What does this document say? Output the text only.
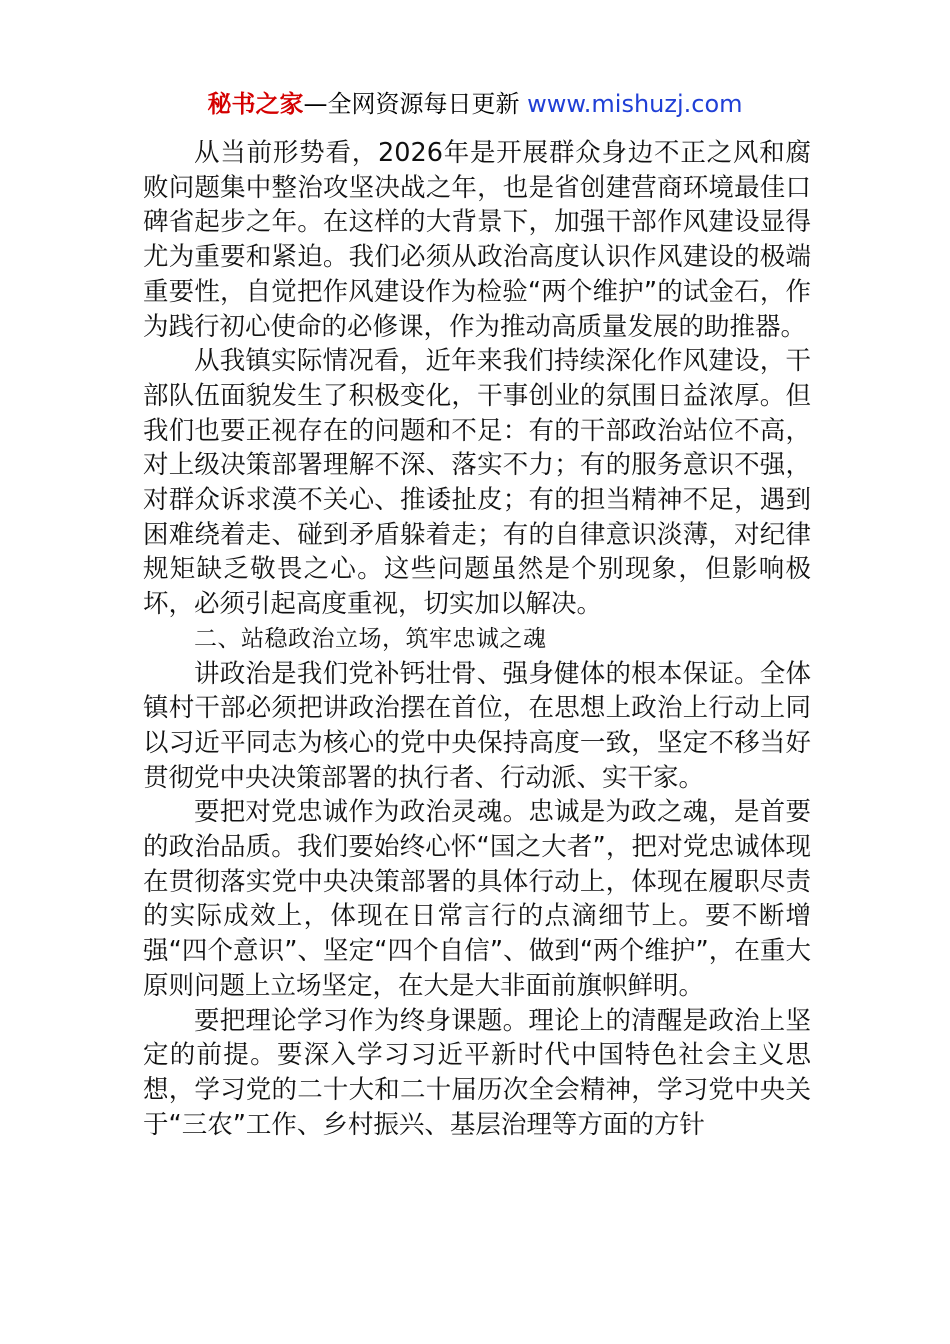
秘书之家—全网资源每日更新 www.mishuzj.com

从当前形势看，2026年是开展群众身边不正之风和腐败问题集中整治攻坚决战之年，也是省创建营商环境最佳口碑省起步之年。在这样的大背景下，加强干部作风建设显得尤为重要和紧迫。我们必须从政治高度认识作风建设的极端重要性，自觉把作风建设作为检验“两个维护”的试金石，作为践行初心使命的必修课，作为推动高质量发展的助推器。

从我镇实际情况看，近年来我们持续深化作风建设，干部队伍面貌发生了积极变化，干事创业的氛围日益浓厚。但我们也要正视存在的问题和不足：有的干部政治站位不高，对上级决策部署理解不深、落实不力；有的服务意识不强，对群众诉求漠不关心、推诿扯皮；有的担当精神不足，遇到困难绕着走、碰到矛盾躲着走；有的自律意识淡薄，对纪律规矩缺乏敬畏之心。这些问题虽然是个别现象，但影响极坏，必须引起高度重视，切实加以解决。

二、站稳政治立场，筑牢忠诚之魂

讲政治是我们党补钙壮骨、强身健体的根本保证。全体镇村干部必须把讲政治摆在首位，在思想上政治上行动上同以习近平同志为核心的党中央保持高度一致，坚定不移当好贯彻党中央决策部署的执行者、行动派、实干家。

要把对党忠诚作为政治灵魂。忠诚是为政之魂，是首要的政治品质。我们要始终心怀“国之大者”，把对党忠诚体现在贯彻落实党中央决策部署的具体行动上，体现在履职尽责的实际成效上，体现在日常言行的点滴细节上。要不断增强“四个意识”、坚定“四个自信”、做到“两个维护”，在重大原则问题上立场坚定，在大是大非面前旗帜鲜明。

要把理论学习作为终身课题。理论上的清醒是政治上坚定的前提。要深入学习习近平新时代中国特色社会主义思想，学习党的二十大和二十届历次全会精神，学习党中央关于“三农”工作、乡村振兴、基层治理等方面的方针
